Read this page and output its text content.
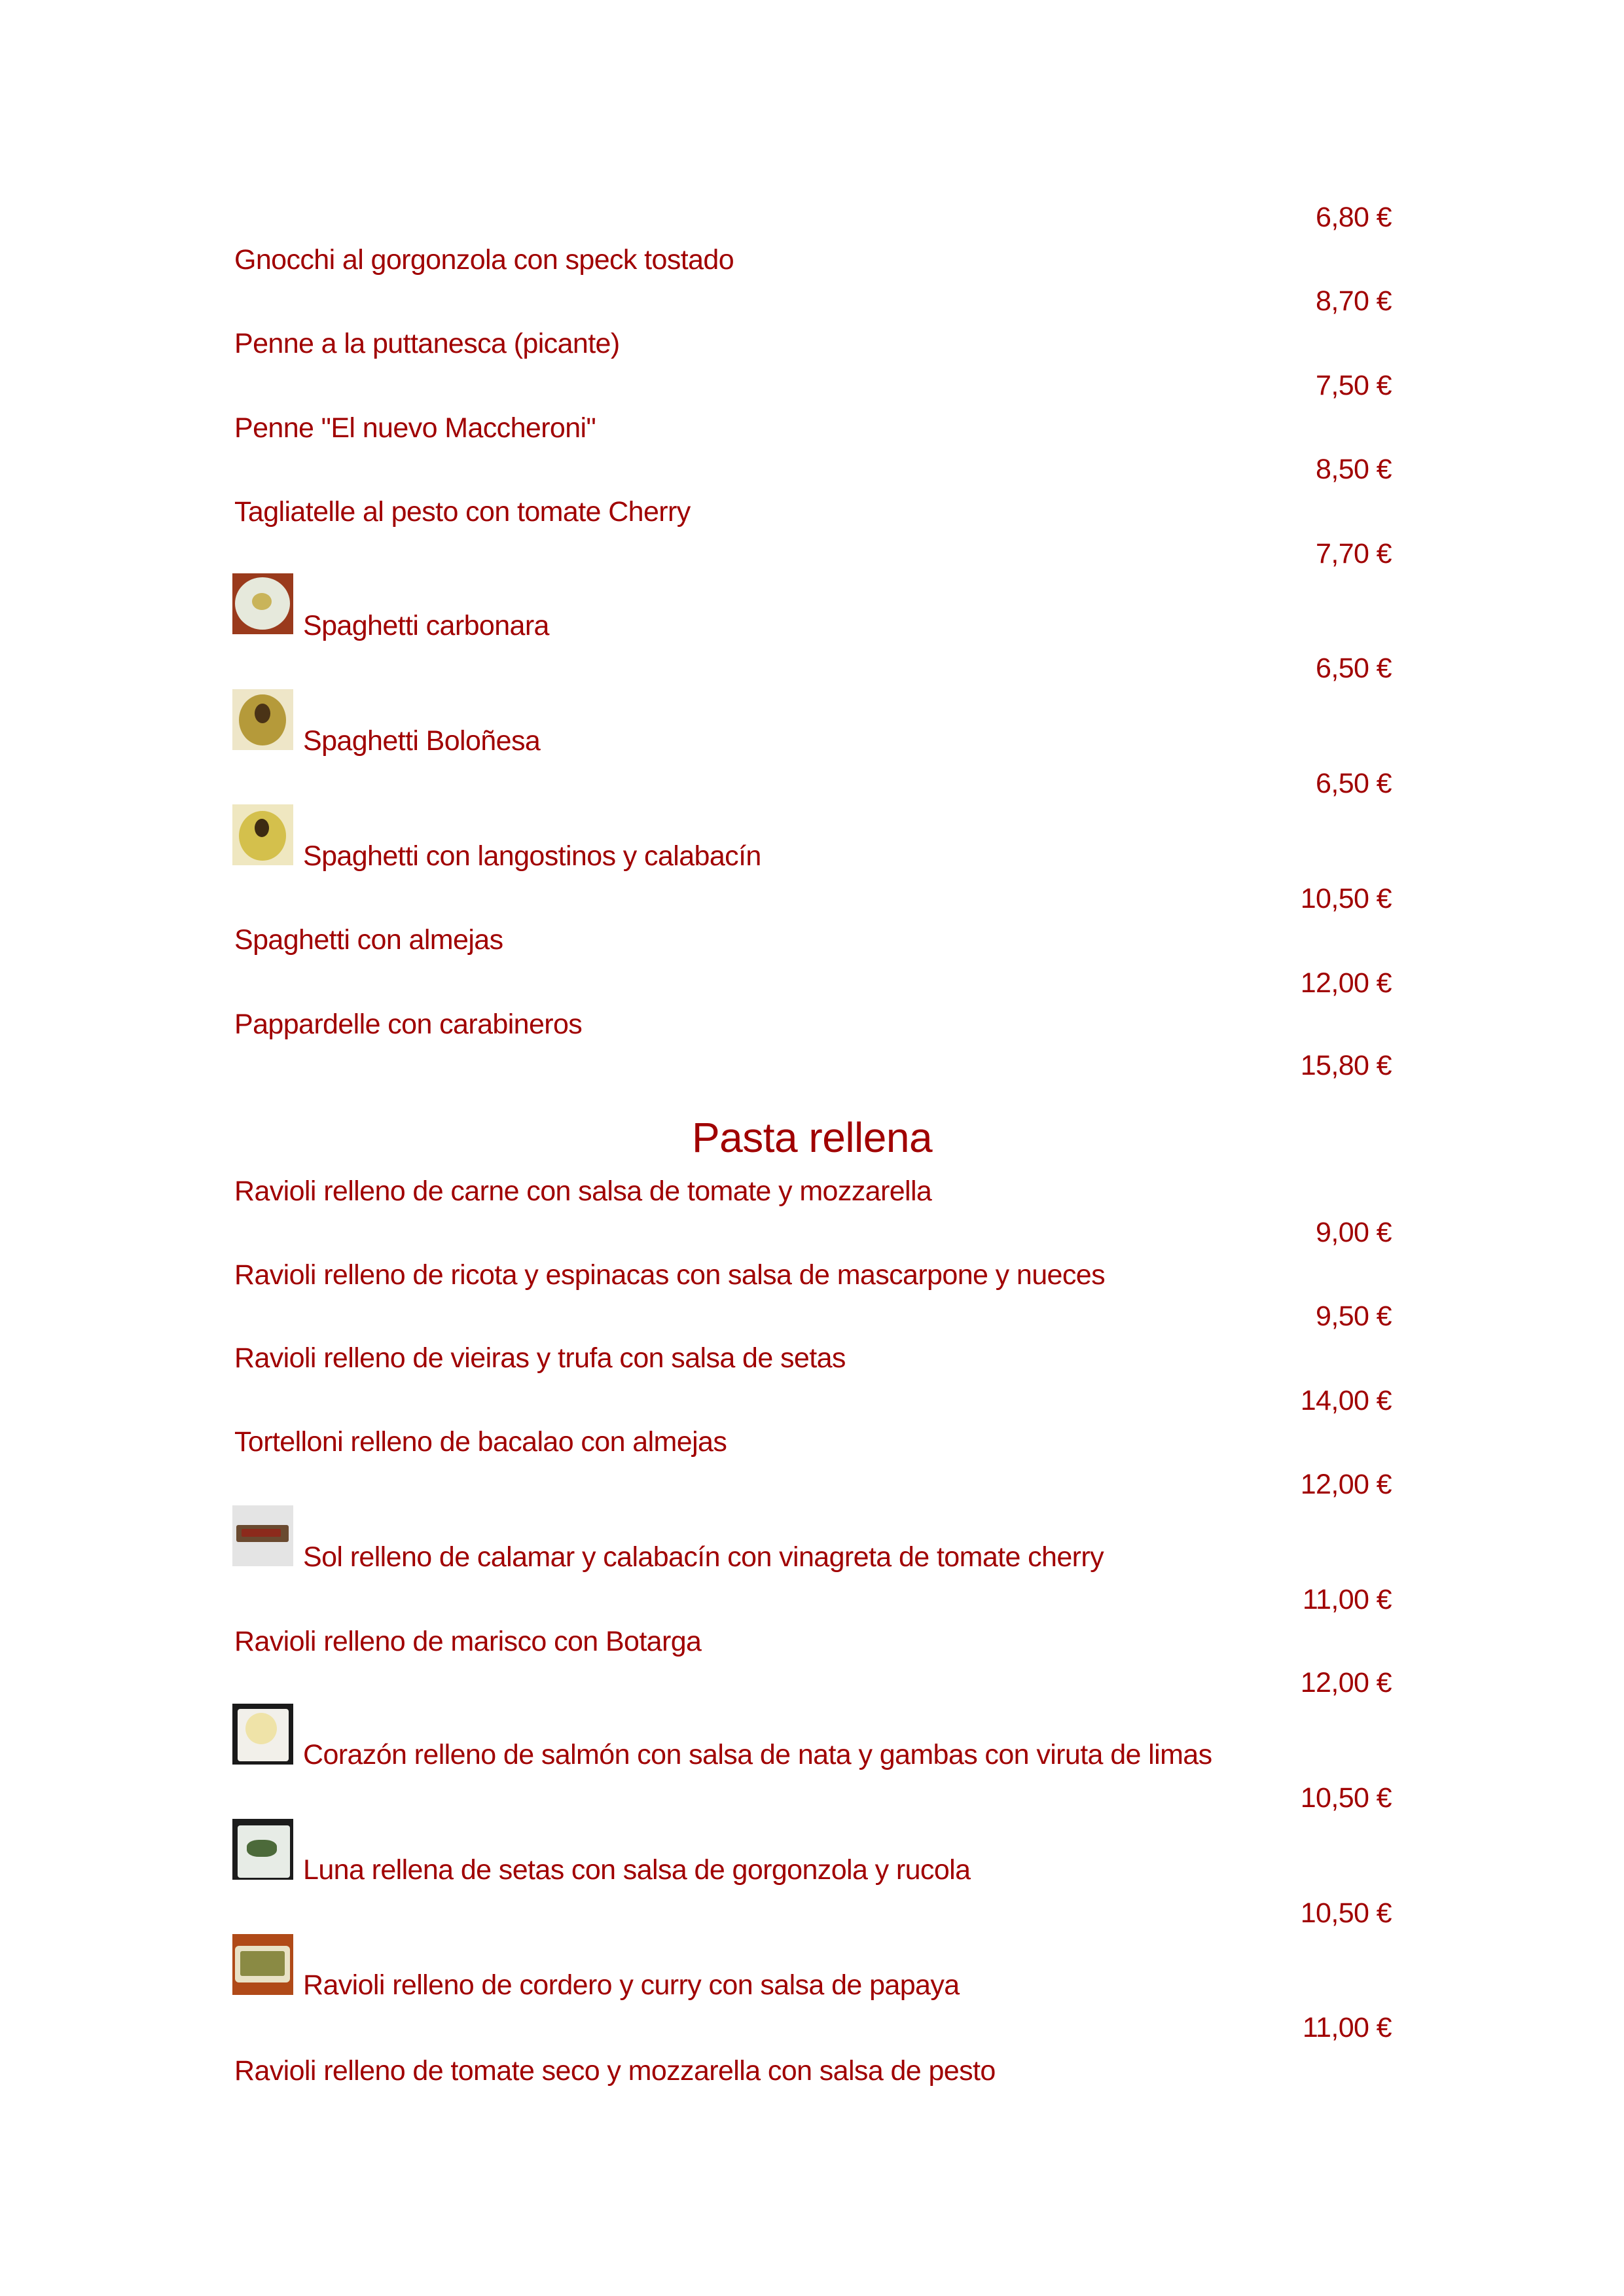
6,80 €
Gnocchi al gorgonzola con speck tostado
8,70 €
Penne a la puttanesca (picante)
7,50 €
Penne "El nuevo Maccheroni"
8,50 €
Tagliatelle al pesto con tomate Cherry
7,70 €
Spaghetti carbonara
6,50 €
Spaghetti Boloñesa
6,50 €
Spaghetti con langostinos y calabacín
10,50 €
Spaghetti con almejas
12,00 €
Pappardelle con carabineros
15,80 €
Pasta rellena
Ravioli relleno de carne con salsa de tomate y mozzarella
9,00 €
Ravioli relleno de ricota y espinacas con salsa de mascarpone y nueces
9,50 €
Ravioli relleno de vieiras y trufa con salsa de setas
14,00 €
Tortelloni relleno de bacalao con almejas
12,00 €
Sol relleno de calamar y calabacín con vinagreta de tomate cherry
11,00 €
Ravioli relleno de marisco con Botarga
12,00 €
Corazón relleno de salmón con salsa de nata y gambas con viruta de limas
10,50 €
Luna rellena de setas con salsa de gorgonzola y rucola
10,50 €
Ravioli relleno de cordero y curry con salsa de papaya
11,00 €
Ravioli relleno de tomate seco y mozzarella con salsa de pesto
